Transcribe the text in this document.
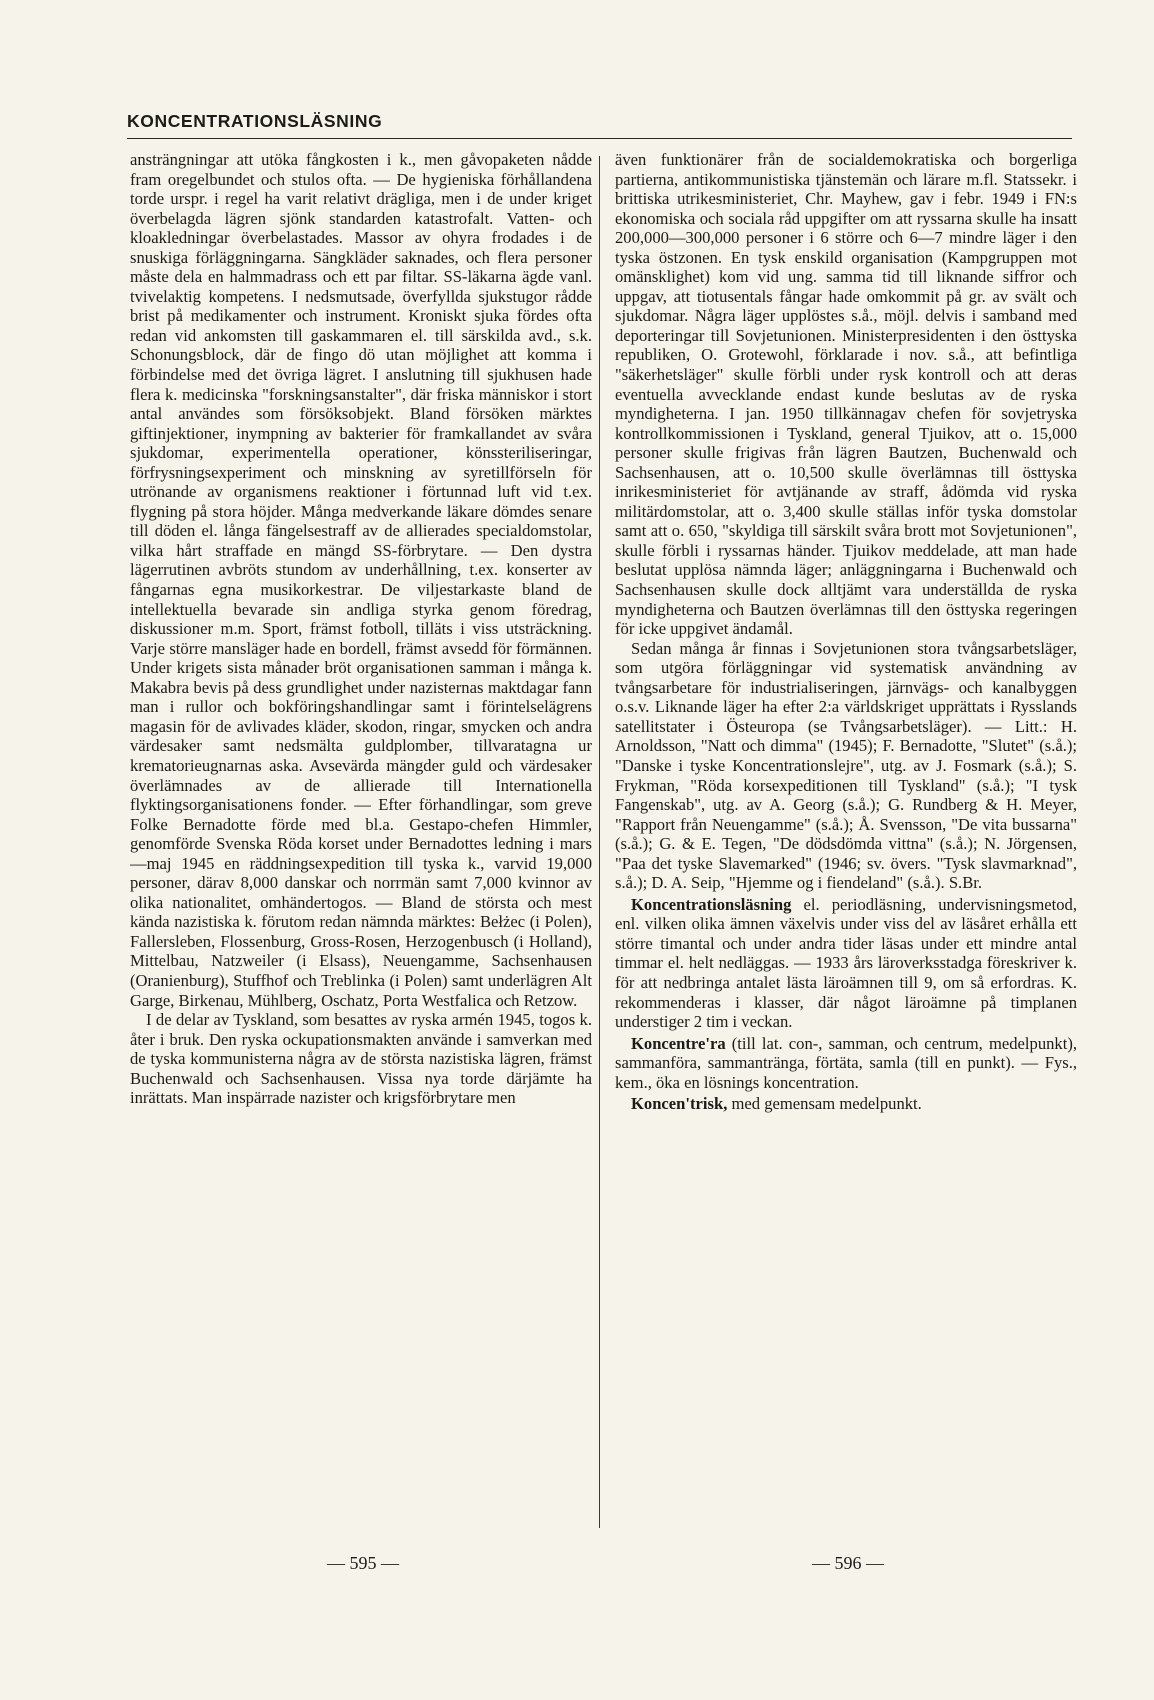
KONCENTRATIONSLÄSNING

ansträngningar att utöka fångkosten i k., men gåvopaketen nådde fram oregelbundet och stulos ofta. — De hygieniska förhållandena torde urspr. i regel ha varit relativt drägliga, men i de under kriget överbelagda lägren sjönk standarden katastrofalt. Vatten- och kloakledningar överbelastades. Massor av ohyra frodades i de snuskiga förläggningarna. Sängkläder saknades, och flera personer måste dela en halmmadrass och ett par filtar. SS-läkarna ägde vanl. tvivelaktig kompetens. I nedsmutsade, överfyllda sjukstugor rådde brist på medikamenter och instrument. Kroniskt sjuka fördes ofta redan vid ankomsten till gaskammaren el. till särskilda avd., s.k. Schonungsblock, där de fingo dö utan möjlighet att komma i förbindelse med det övriga lägret. I anslutning till sjukhusen hade flera k. medicinska "forskningsanstalter", där friska människor i stort antal användes som försöksobjekt. Bland försöken märktes giftinjektioner, inympning av bakterier för framkallandet av svåra sjukdomar, experimentella operationer, könssteriliseringar, förfrysningsexperiment och minskning av syretillförseln för utrönande av organismens reaktioner i förtunnad luft vid t.ex. flygning på stora höjder. Många medverkande läkare dömdes senare till döden el. långa fängelsestraff av de allierades specialdomstolar, vilka hårt straffade en mängd SS-förbrytare. — Den dystra lägerrutinen avbröts stundom av underhållning, t.ex. konserter av fångarnas egna musikorkestrar. De viljestarkaste bland de intellektuella bevarade sin andliga styrka genom föredrag, diskussioner m.m. Sport, främst fotboll, tilläts i viss utsträckning. Varje större mansläger hade en bordell, främst avsedd för förmännen. Under krigets sista månader bröt organisationen samman i många k. Makabra bevis på dess grundlighet under nazisternas maktdagar fann man i rullor och bokföringshandlingar samt i förintelselägrens magasin för de avlivades kläder, skodon, ringar, smycken och andra värdesaker samt nedsmälta guldplomber, tillvaratagna ur krematorieugnarnas aska. Avsevärda mängder guld och värdesaker överlämnades av de allierade till Internationella flyktingsorganisationens fonder. — Efter förhandlingar, som greve Folke Bernadotte förde med bl.a. Gestapo-chefen Himmler, genomförde Svenska Röda korset under Bernadottes ledning i mars—maj 1945 en räddningsexpedition till tyska k., varvid 19,000 personer, därav 8,000 danskar och norrmän samt 7,000 kvinnor av olika nationalitet, omhändertogos. — Bland de största och mest kända nazistiska k. förutom redan nämnda märktes: Bełżec (i Polen), Fallersleben, Flossenburg, Gross-Rosen, Herzogenbusch (i Holland), Mittelbau, Natzweiler (i Elsass), Neuengamme, Sachsenhausen (Oranienburg), Stuffhof och Treblinka (i Polen) samt underlägren Alt Garge, Birkenau, Mühlberg, Oschatz, Porta Westfalica och Retzow.

I de delar av Tyskland, som besattes av ryska armén 1945, togos k. åter i bruk. Den ryska ockupationsmakten använde i samverkan med de tyska kommunisterna några av de största nazistiska lägren, främst Buchenwald och Sachsenhausen. Vissa nya torde därjämte ha inrättats. Man inspärrade nazister och krigsförbrytare men

även funktionärer från de socialdemokratiska och borgerliga partierna, antikommunistiska tjänstemän och lärare m.fl. Statssekr. i brittiska utrikesministeriet, Chr. Mayhew, gav i febr. 1949 i FN:s ekonomiska och sociala råd uppgifter om att ryssarna skulle ha insatt 200,000—300,000 personer i 6 större och 6—7 mindre läger i den tyska östzonen. En tysk enskild organisation (Kampgruppen mot omänsklighet) kom vid ung. samma tid till liknande siffror och uppgav, att tiotusentals fångar hade omkommit på gr. av svält och sjukdomar. Några läger upplöstes s.å., möjl. delvis i samband med deporteringar till Sovjetunionen. Ministerpresidenten i den östtyska republiken, O. Grotewohl, förklarade i nov. s.å., att befintliga "säkerhetsläger" skulle förbli under rysk kontroll och att deras eventuella avvecklande endast kunde beslutas av de ryska myndigheterna. I jan. 1950 tillkännagav chefen för sovjetryska kontrollkommissionen i Tyskland, general Tjuikov, att o. 15,000 personer skulle frigivas från lägren Bautzen, Buchenwald och Sachsenhausen, att o. 10,500 skulle överlämnas till östtyska inrikesministeriet för avtjänande av straff, ådömda vid ryska militärdomstolar, att o. 3,400 skulle ställas inför tyska domstolar samt att o. 650, "skyldiga till särskilt svåra brott mot Sovjetunionen", skulle förbli i ryssarnas händer. Tjuikov meddelade, att man hade beslutat upplösa nämnda läger; anläggningarna i Buchenwald och Sachsenhausen skulle dock alltjämt vara underställda de ryska myndigheterna och Bautzen överlämnas till den östtyska regeringen för icke uppgivet ändamål.

Sedan många år finnas i Sovjetunionen stora tvångsarbetsläger, som utgöra förläggningar vid systematisk användning av tvångsarbetare för industrialiseringen, järnvägs- och kanalbyggen o.s.v. Liknande läger ha efter 2:a världskriget upprättats i Rysslands satellitstater i Östeuropa (se Tvångsarbetsläger). — Litt.: H. Arnoldsson, "Natt och dimma" (1945); F. Bernadotte, "Slutet" (s.å.); "Danske i tyske Koncentrationslejre", utg. av J. Fosmark (s.å.); S. Frykman, "Röda korsexpeditionen till Tyskland" (s.å.); "I tysk Fangenskab", utg. av A. Georg (s.å.); G. Rundberg & H. Meyer, "Rapport från Neuengamme" (s.å.); Å. Svensson, "De vita bussarna" (s.å.); G. & E. Tegen, "De dödsdömda vittna" (s.å.); N. Jörgensen, "Paa det tyske Slavemarked" (1946; sv. övers. "Tysk slavmarknad", s.å.); D. A. Seip, "Hjemme og i fiendeland" (s.å.). S.Br.

Koncentrationsläsning el. periodläsning, undervisningsmetod, enl. vilken olika ämnen växelvis under viss del av läsåret erhålla ett större timantal och under andra tider läsas under ett mindre antal timmar el. helt nedläggas. — 1933 års läroverksstadga föreskriver k. för att nedbringa antalet lästa läroämnen till 9, om så erfordras. K. rekommenderas i klasser, där något läroämne på timplanen understiger 2 tim i veckan.

Koncentre'ra (till lat. con-, samman, och centrum, medelpunkt), sammanföra, sammantränga, förtäta, samla (till en punkt). — Fys., kem., öka en lösnings koncentration.

Koncen'trisk, med gemensam medelpunkt.

— 595 —	— 596 —
